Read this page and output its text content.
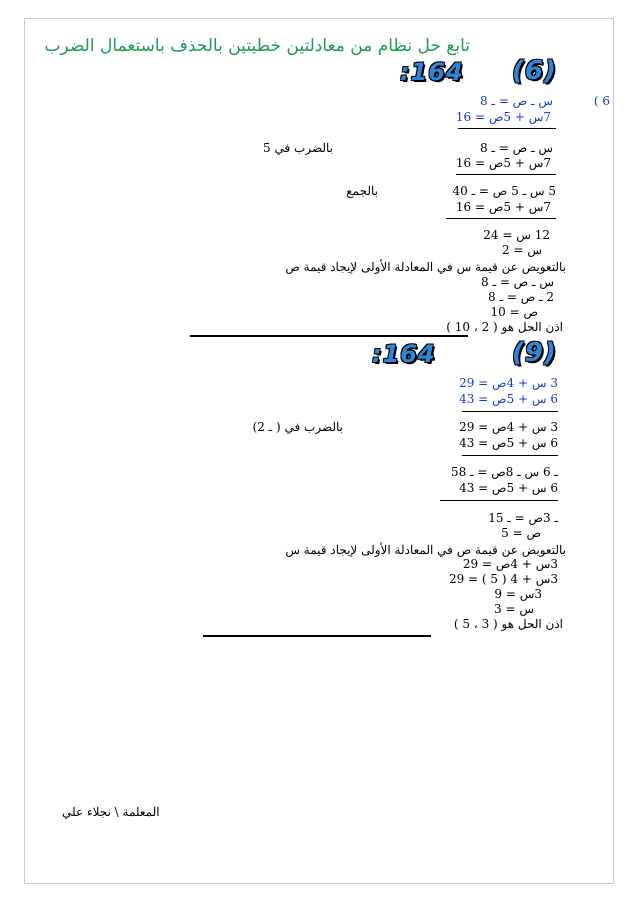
تابع حل نظام من معادلتين خطيتين بالحذف باستعمال الضرب
:164 (6)
6 )
س ـ ص = ـ 8
7س + 5ص = 16
س ـ ص = ـ 8
7س + 5ص = 16
بالضرب في 5
5 س ـ 5 ص = ـ 40
7س + 5ص = 16
بالجمع
12 س = 24
س = 2
بالتعويض عن قيمة س في المعادلة الأولى لإيجاد قيمة ص
س ـ ص = ـ 8
2 ـ ص = ـ 8
ص = 10
اذن الحل هو ( 2 ، 10 )
:164	(9)
3 س + 4ص = 29
6 س + 5ص = 43
3 س + 4ص = 29
6 س + 5ص = 43
بالضرب في ( ـ 2)
ـ 6 س ـ 8ص = ـ 58
6 س + 5ص = 43
ـ 3ص = ـ 15
ص = 5
بالتعويض عن قيمة ص في المعادلة الأولى لإيجاد قيمة س
3س + 4ص = 29
3س + 4 ( 5 ) = 29
3س = 9
س = 3
اذن الحل هو ( 3 ، 5 )
المعلمة \ نجلاء علي
